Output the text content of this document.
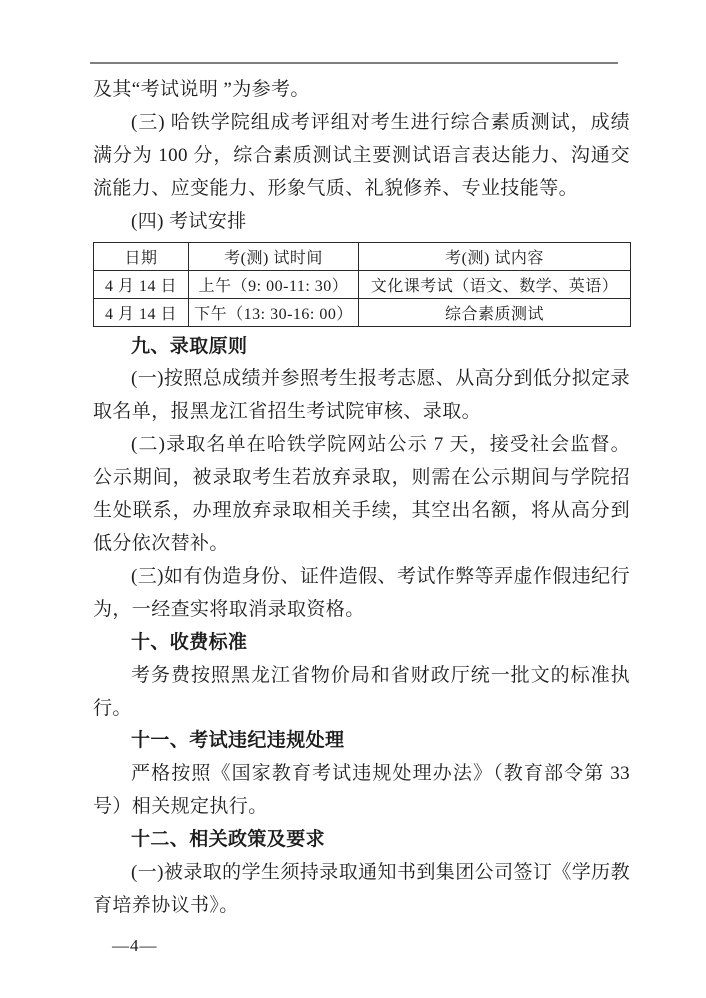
及其“考试说明 ”为参考。

(三) 哈铁学院组成考评组对考生进行综合素质测试，成绩满分为 100 分，综合素质测试主要测试语言表达能力、沟通交流能力、应变能力、形象气质、礼貌修养、专业技能等。

(四) 考试安排

日期	考(测) 试时间	考(测) 试内容
4 月 14 日	上午（9: 00-11: 30）	文化课考试（语文、数学、英语）
4 月 14 日	下午（13: 30-16: 00）	综合素质测试

九、录取原则

(一)按照总成绩并参照考生报考志愿、从高分到低分拟定录取名单，报黑龙江省招生考试院审核、录取。

(二)录取名单在哈铁学院网站公示 7 天，接受社会监督。公示期间，被录取考生若放弃录取，则需在公示期间与学院招生处联系，办理放弃录取相关手续，其空出名额，将从高分到低分依次替补。

(三)如有伪造身份、证件造假、考试作弊等弄虚作假违纪行为，一经查实将取消录取资格。

十、收费标准

考务费按照黑龙江省物价局和省财政厅统一批文的标准执行。

十一、考试违纪违规处理

严格按照《国家教育考试违规处理办法》（教育部令第 33 号）相关规定执行。

十二、相关政策及要求

(一)被录取的学生须持录取通知书到集团公司签订《学历教育培养协议书》。

—4—
